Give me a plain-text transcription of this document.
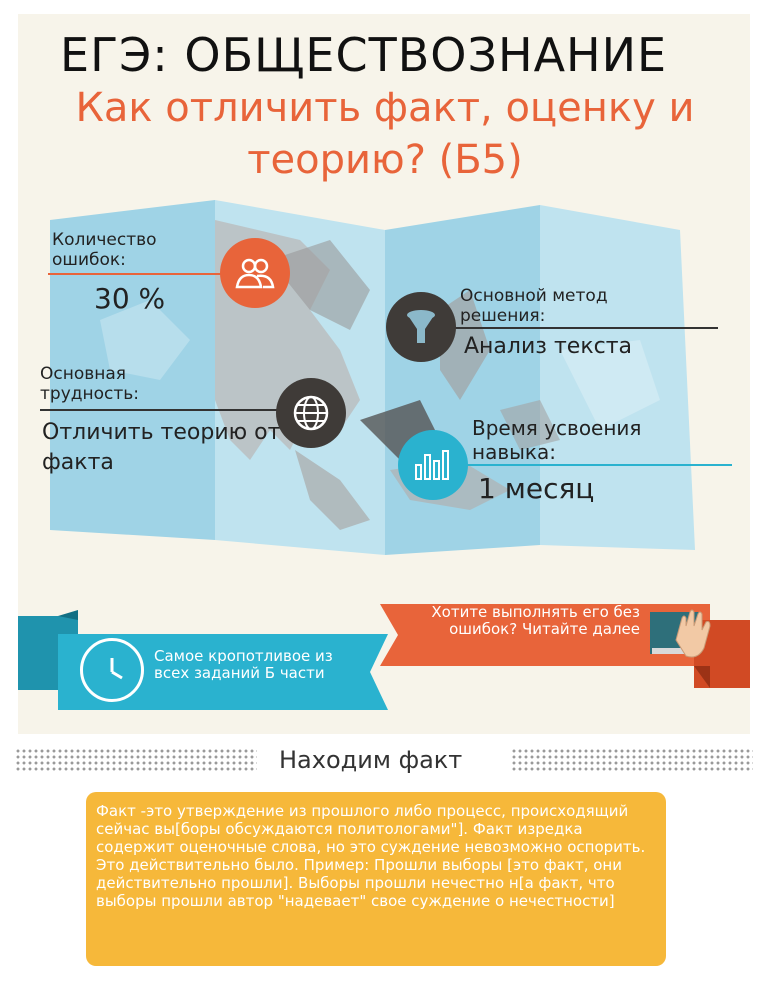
ЕГЭ: ОБЩЕСТВОЗНАНИЕ
Как отличить факт, оценку и теорию? (Б5)
Количество ошибок:
30 %	Основной метод решения:
Анализ текста
Основная трудность:
Отличить теорию от факта
Время усвоения навыка:
1 месяц
Самое кропотливое из всех заданий Б части
Хотите выполнять его без ошибок? Читайте далее
Находим факт

Факт -это утверждение из прошлого либо процесс, происходящий сейчас вы[боры обсуждаются политологами"]. Факт изредка содержит оценочные слова, но это суждение невозможно оспорить. Это действительно было. Пример: Прошли выборы [это факт, они действительно прошли]. Выборы прошли нечестно н[а факт, что выборы прошли автор "надевает" свое суждение о нечестности]
